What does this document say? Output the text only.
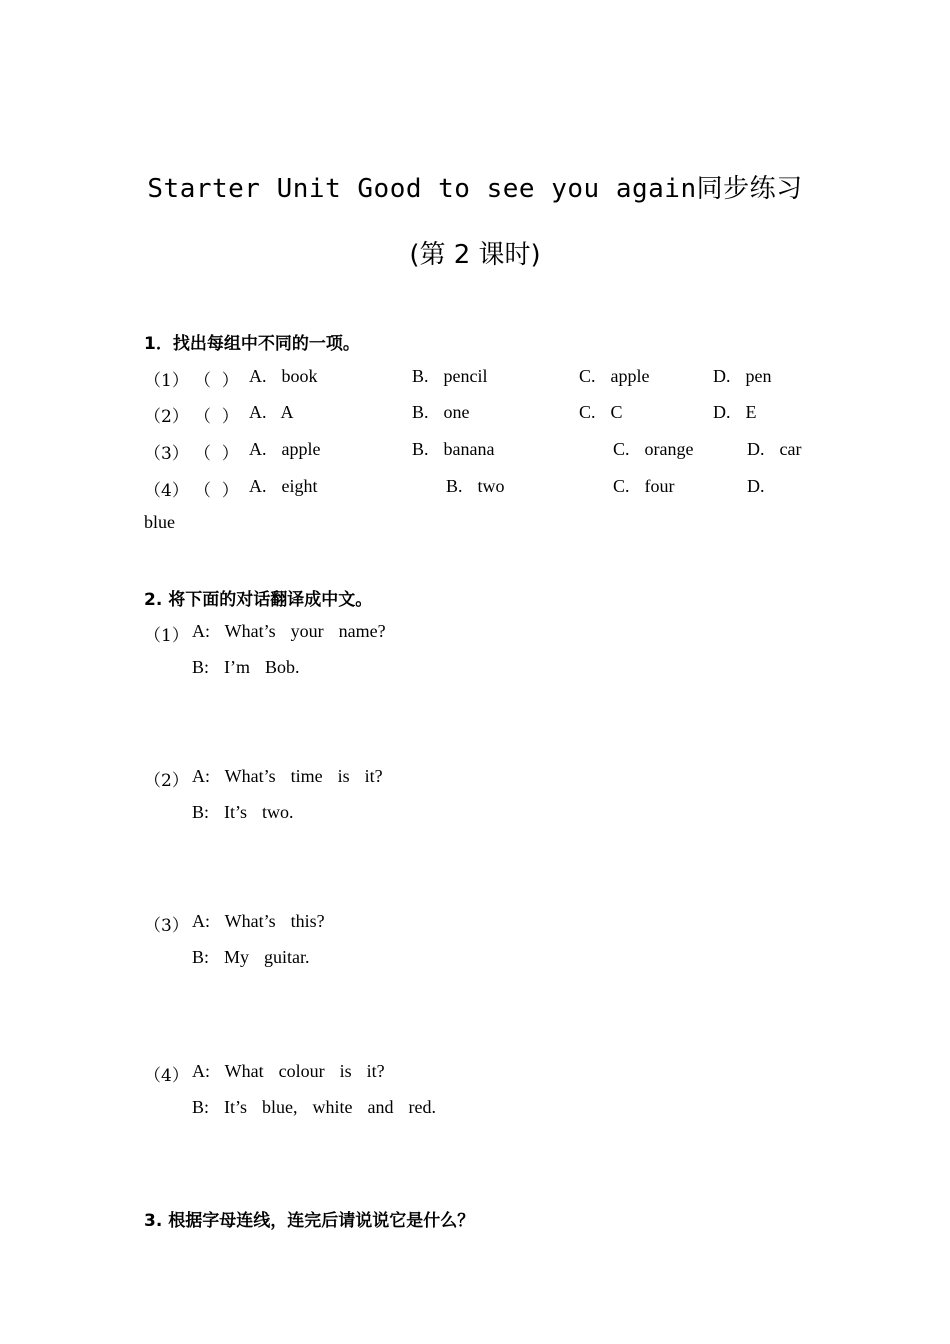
Starter Unit Good to see you again同步练习
(第 2 课时)
1．找出每组中不同的一项。
（1） （  ） A.  book	B.  pencil	C.  apple	D.  pen
（2） （  ） A.  A	B.  one	C.  C	D.  E
（3） （  ） A.  apple	B.  banana	C.  orange	D.  car
（4） （  ） A.  eight	B.  two	C.  four	D.
blue
2. 将下面的对话翻译成中文。
（1） A:  What’s  your  name?
B:  I’m  Bob.
（2） A:  What’s  time  is  it?
B:  It’s  two.
（3） A:  What’s  this?
B:  My  guitar.
（4） A:  What  colour  is  it?
B:  It’s  blue,  white  and  red.
3. 根据字母连线，连完后请说说它是什么？
